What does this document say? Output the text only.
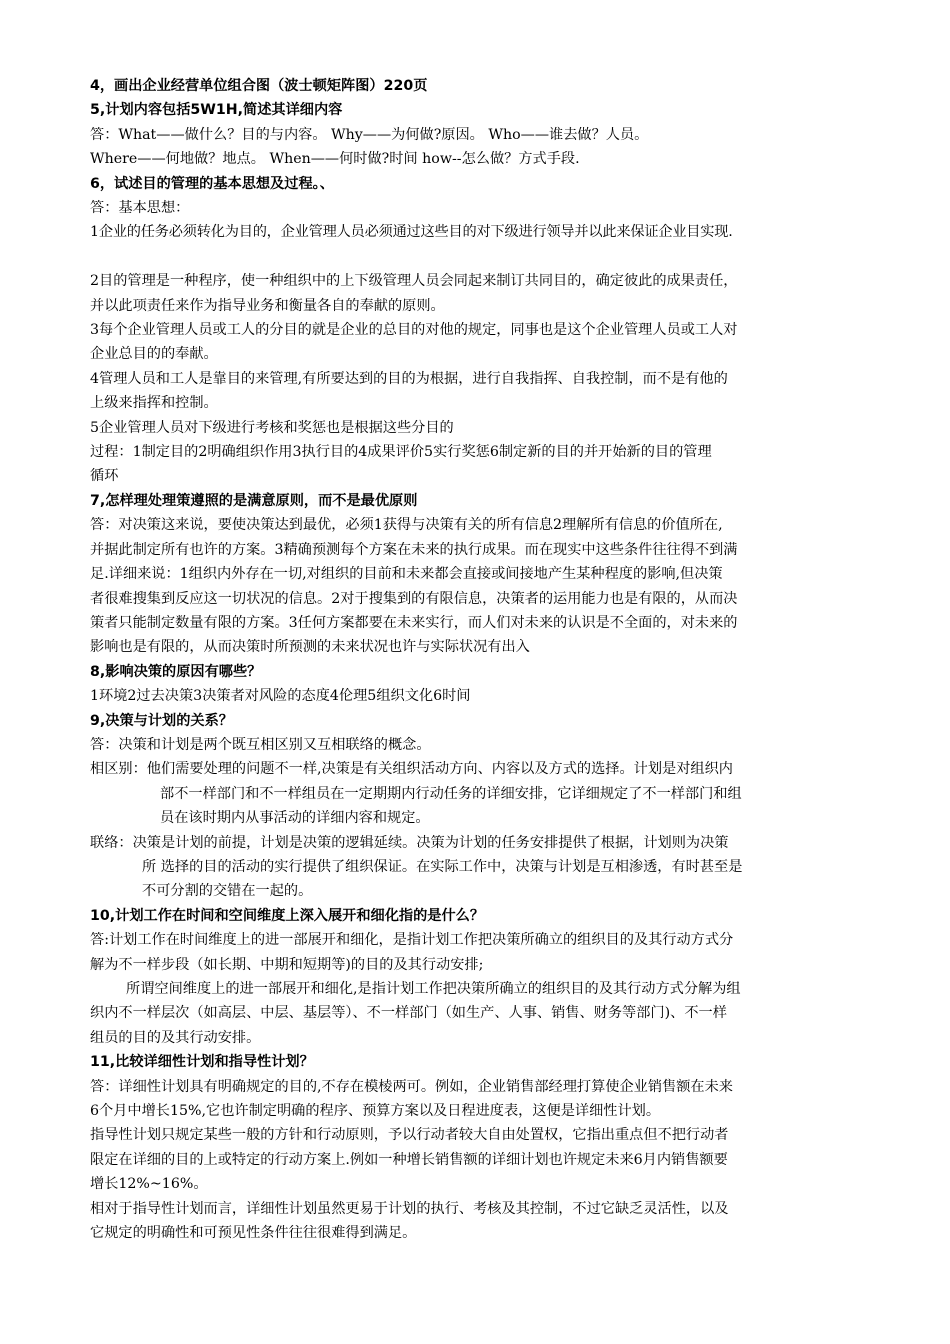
4，画出企业经营单位组合图（波士顿矩阵图）220页
5,计划内容包括5W1H,简述其详细内容
答：What——做什么？目的与内容。 Why——为何做?原因。 Who——谁去做？人员。
Where——何地做？地点。 When——何时做?时间 how--怎么做？方式手段.
6，试述目的管理的基本思想及过程。、
答：基本思想：
1企业的任务必须转化为目的，企业管理人员必须通过这些目的对下级进行领导并以此来保证企业目实现.
2目的管理是一种程序，使一种组织中的上下级管理人员会同起来制订共同目的，确定彼此的成果责任，
并以此项责任来作为指导业务和衡量各自的奉献的原则。
3每个企业管理人员或工人的分目的就是企业的总目的对他的规定，同事也是这个企业管理人员或工人对
企业总目的的奉献。
4管理人员和工人是靠目的来管理,有所要达到的目的为根据，进行自我指挥、自我控制，而不是有他的
上级来指挥和控制。
5企业管理人员对下级进行考核和奖惩也是根据这些分目的
过程：1制定目的2明确组织作用3执行目的4成果评价5实行奖惩6制定新的目的并开始新的目的管理
循环
7,怎样理处理策遵照的是满意原则，而不是最优原则
答：对决策这来说，要使决策达到最优，必须1获得与决策有关的所有信息2理解所有信息的价值所在,
并据此制定所有也许的方案。3精确预测每个方案在未来的执行成果。而在现实中这些条件往往得不到满
足.详细来说：1组织内外存在一切,对组织的目前和未来都会直接或间接地产生某种程度的影响,但决策
者很难搜集到反应这一切状况的信息。2对于搜集到的有限信息，决策者的运用能力也是有限的，从而决
策者只能制定数量有限的方案。3任何方案都要在未来实行，而人们对未来的认识是不全面的，对未来的
影响也是有限的，从而决策时所预测的未来状况也许与实际状况有出入
8,影响决策的原因有哪些？
1环境2过去决策3决策者对风险的态度4伦理5组织文化6时间
9,决策与计划的关系？
答：决策和计划是两个既互相区别又互相联络的概念。
相区别：他们需要处理的问题不一样,决策是有关组织活动方向、内容以及方式的选择。计划是对组织内
部不一样部门和不一样组员在一定期期内行动任务的详细安排，它详细规定了不一样部门和组
员在该时期内从事活动的详细内容和规定。
联络：决策是计划的前提，计划是决策的逻辑延续。决策为计划的任务安排提供了根据，计划则为决策
所 选择的目的活动的实行提供了组织保证。在实际工作中，决策与计划是互相渗透，有时甚至是
不可分割的交错在一起的。
10,计划工作在时间和空间维度上深入展开和细化指的是什么？
答:计划工作在时间维度上的进一部展开和细化，是指计划工作把决策所确立的组织目的及其行动方式分
解为不一样步段（如长期、中期和短期等)的目的及其行动安排;
所谓空间维度上的进一部展开和细化,是指计划工作把决策所确立的组织目的及其行动方式分解为组
织内不一样层次（如高层、中层、基层等）、不一样部门（如生产、人事、销售、财务等部门)、不一样
组员的目的及其行动安排。
11,比较详细性计划和指导性计划？
答：详细性计划具有明确规定的目的,不存在模棱两可。例如，企业销售部经理打算使企业销售额在未来
6个月中增长15%,它也许制定明确的程序、预算方案以及日程进度表，这便是详细性计划。
指导性计划只规定某些一般的方针和行动原则，予以行动者较大自由处置权，它指出重点但不把行动者
限定在详细的目的上或特定的行动方案上.例如一种增长销售额的详细计划也许规定未来6月内销售额要
增长12%~16%。
相对于指导性计划而言，详细性计划虽然更易于计划的执行、考核及其控制，不过它缺乏灵活性，以及
它规定的明确性和可预见性条件往往很难得到满足。
